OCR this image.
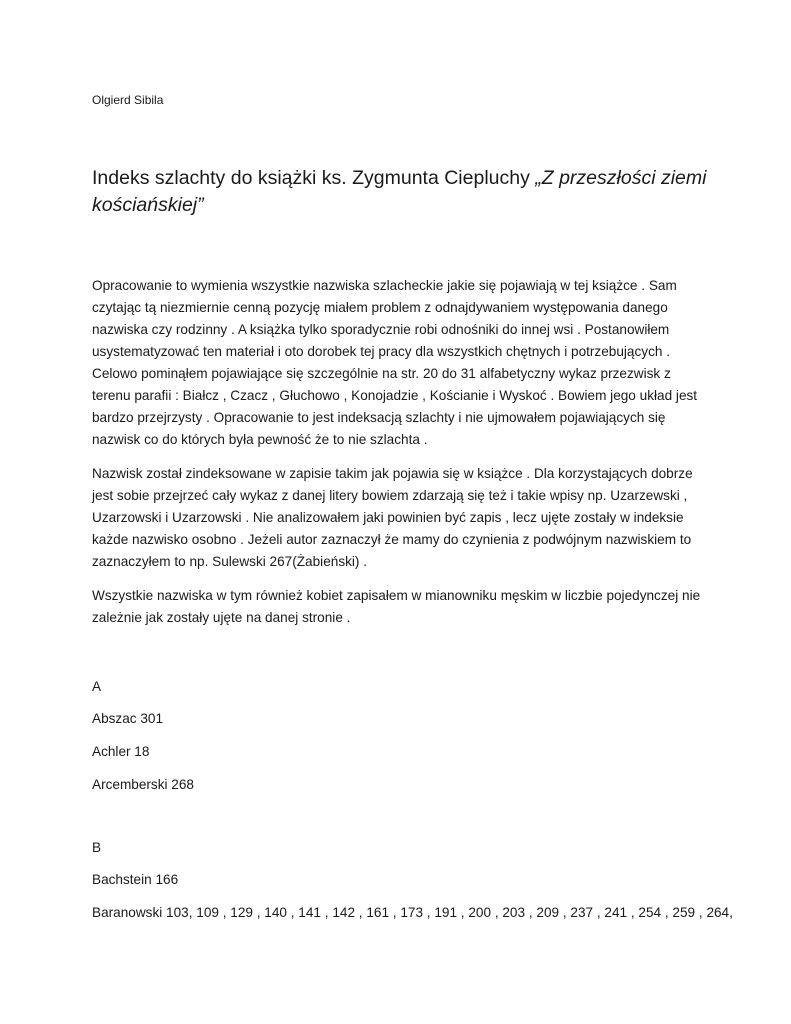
Olgierd Sibila
Indeks szlachty do książki ks. Zygmunta Ciepluchy „Z przeszłości ziemi kościańskiej”

Opracowanie to wymienia wszystkie nazwiska szlacheckie jakie się pojawiają w tej książce . Sam czytając tą niezmiernie cenną pozycję miałem problem z odnajdywaniem występowania danego nazwiska czy rodzinny . A książka tylko sporadycznie robi odnośniki do innej wsi . Postanowiłem usystematyzować ten materiał i oto dorobek tej pracy dla wszystkich chętnych i potrzebujących . Celowo pominąłem pojawiające się szczególnie na str. 20 do 31 alfabetyczny wykaz przezwisk z terenu parafii : Białcz , Czacz , Głuchowo , Konojadzie , Kościanie i Wyskoć . Bowiem jego układ jest bardzo przejrzysty . Opracowanie to jest indeksacją szlachty i nie ujmowałem pojawiających się nazwisk co do których była pewność że to nie szlachta .

Nazwisk został zindeksowane w zapisie takim jak pojawia się w książce . Dla korzystających dobrze jest sobie przejrzeć cały wykaz z danej litery bowiem zdarzają się też i takie wpisy np. Uzarzewski , Uzarzowski i Uzarzowski . Nie analizowałem jaki powinien być zapis , lecz ujęte zostały w indeksie każde nazwisko osobno . Jeżeli autor zaznaczył że mamy do czynienia z podwójnym nazwiskiem to zaznaczyłem to np. Sulewski 267(Żabieński) .

Wszystkie nazwiska w tym również kobiet zapisałem w mianowniku męskim w liczbie pojedynczej nie zależnie jak zostały ujęte na danej stronie .

A
Abszac 301
Achler 18
Arcemberski 268
B
Bachstein 166
Baranowski 103, 109 , 129 , 140 , 141 , 142 , 161 , 173 , 191 , 200 , 203 , 209 , 237 , 241 , 254 , 259 , 264,
